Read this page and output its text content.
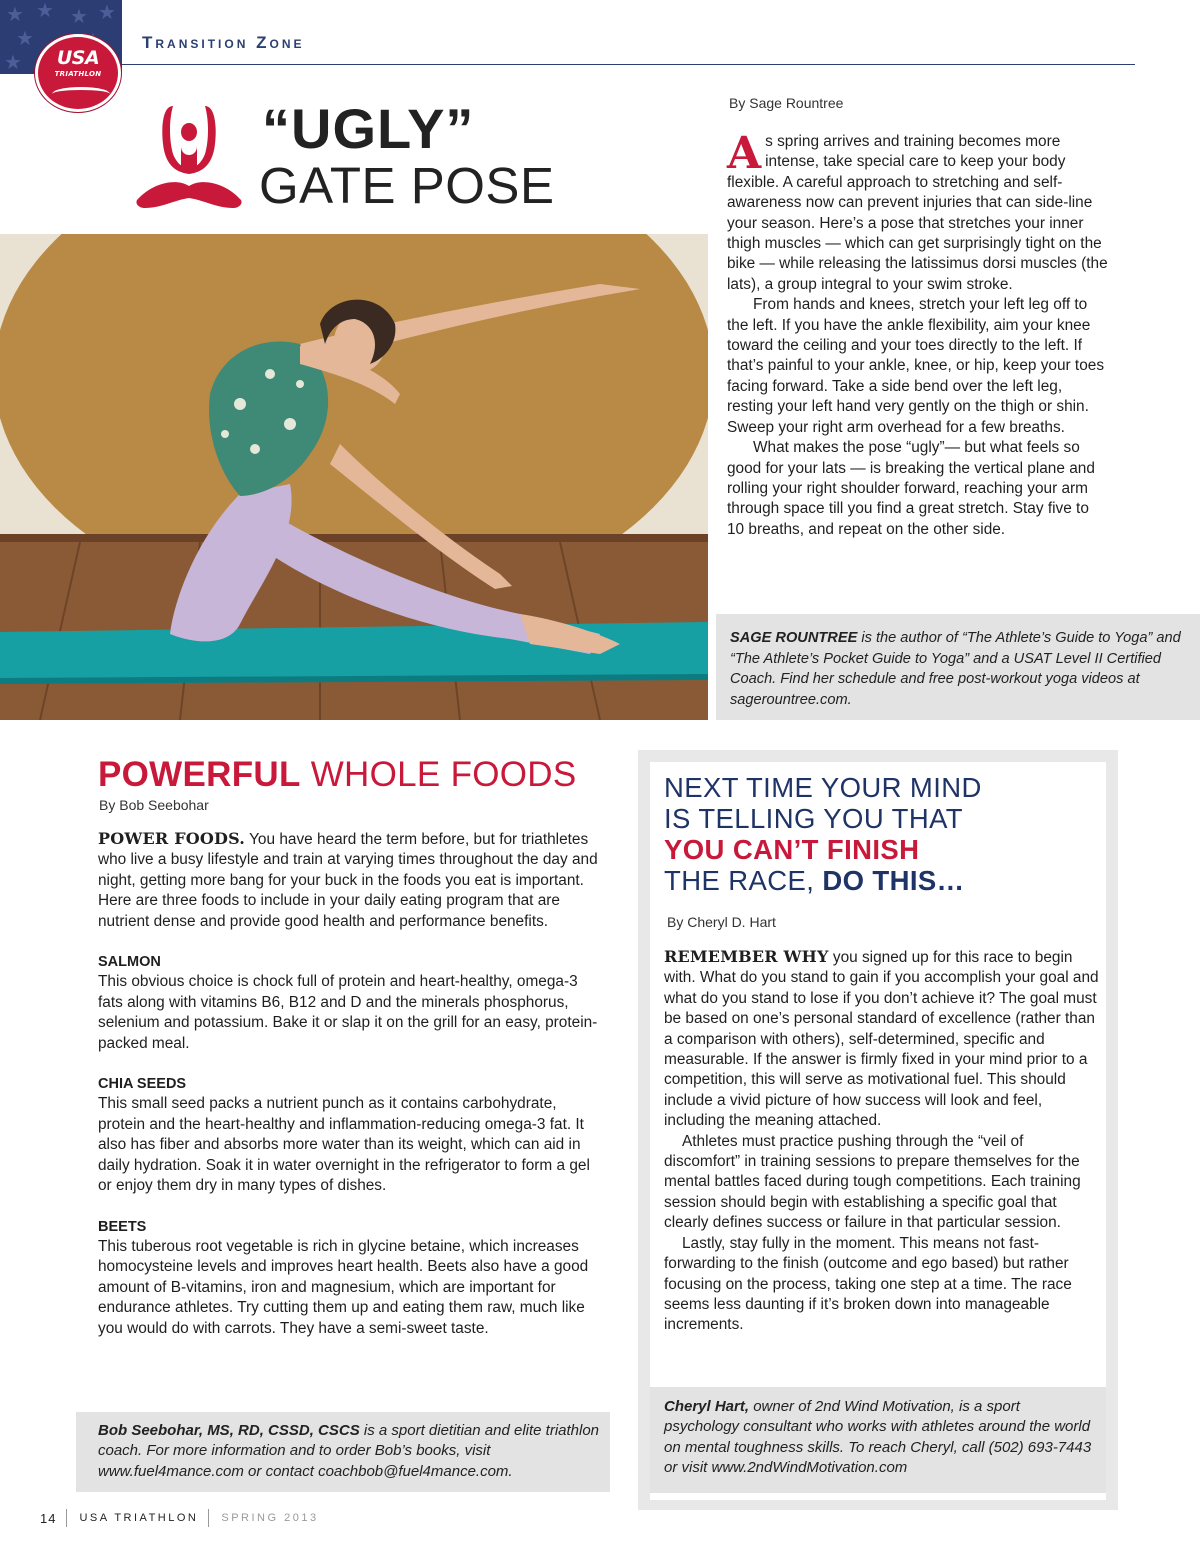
★ ★ ★ ★
★
★	USA
TRIATHLON
Transition Zone
“UGLY”
GATE POSE
By Sage Rountree

As spring arrives and training becomes more intense, take special care to keep your body flexible. A careful approach to stretching and self-awareness now can prevent injuries that can side-line your season. Here’s a pose that stretches your inner thigh muscles — which can get surprisingly tight on the bike — while releasing the latissimus dorsi muscles (the lats), a group integral to your swim stroke.

From hands and knees, stretch your left leg off to the left. If you have the ankle flexibility, aim your knee toward the ceiling and your toes directly to the left. If that’s painful to your ankle, knee, or hip, keep your toes facing forward. Take a side bend over the left leg, resting your left hand very gently on the thigh or shin. Sweep your right arm overhead for a few breaths.

What makes the pose “ugly”— but what feels so good for your lats — is breaking the vertical plane and rolling your right shoulder forward, reaching your arm through space till you find a great stretch. Stay five to 10 breaths, and repeat on the other side.

SAGE ROUNTREE is the author of “The Athlete’s Guide to Yoga” and “The Athlete’s Pocket Guide to Yoga” and a USAT Level II Certified Coach. Find her schedule and free post-workout yoga videos at sagerountree.com.
POWERFUL WHOLE FOODS
By Bob Seebohar

POWER FOODS. You have heard the term before, but for triathletes who live a busy lifestyle and train at varying times throughout the day and night, getting more bang for your buck in the foods you eat is important. Here are three foods to include in your daily eating program that are nutrient dense and provide good health and performance benefits.

SALMON

This obvious choice is chock full of protein and heart-healthy, omega-3 fats along with vitamins B6, B12 and D and the minerals phosphorus, selenium and potassium. Bake it or slap it on the grill for an easy, protein-packed meal.

CHIA SEEDS

This small seed packs a nutrient punch as it contains carbohydrate, protein and the heart-healthy and inflammation-reducing omega-3 fat. It also has fiber and absorbs more water than its weight, which can aid in daily hydration. Soak it in water overnight in the refrigerator to form a gel or enjoy them dry in many types of dishes.

BEETS

This tuberous root vegetable is rich in glycine betaine, which increases homocysteine levels and improves heart health. Beets also have a good amount of B-vitamins, iron and magnesium, which are important for endurance athletes. Try cutting them up and eating them raw, much like you would do with carrots. They have a semi-sweet taste.

Bob Seebohar, MS, RD, CSSD, CSCS is a sport dietitian and elite triathlon coach. For more information and to order Bob’s books, visit www.fuel4mance.com or contact coachbob@fuel4mance.com.
NEXT TIME YOUR MIND
IS TELLING YOU THAT
YOU CAN’T FINISH
THE RACE, DO THIS…
By Cheryl D. Hart

REMEMBER WHY you signed up for this race to begin with. What do you stand to gain if you accomplish your goal and what do you stand to lose if you don’t achieve it? The goal must be based on one’s personal standard of excellence (rather than a comparison with others), self-determined, specific and measurable. If the answer is firmly fixed in your mind prior to a competition, this will serve as motivational fuel. This should include a vivid picture of how success will look and feel, including the meaning attached.

Athletes must practice pushing through the “veil of discomfort” in training sessions to prepare themselves for the mental battles faced during tough competitions. Each training session should begin with establishing a specific goal that clearly defines success or failure in that particular session.

Lastly, stay fully in the moment. This means not fast-forwarding to the finish (outcome and ego based) but rather focusing on the process, taking one step at a time. The race seems less daunting if it’s broken down into manageable increments.

Cheryl Hart, owner of 2nd Wind Motivation, is a sport psychology consultant who works with athletes around the world on mental toughness skills. To reach Cheryl, call (502) 693-7443 or visit www.2ndWindMotivation.com
14 USA TRIATHLON SPRING 2013
